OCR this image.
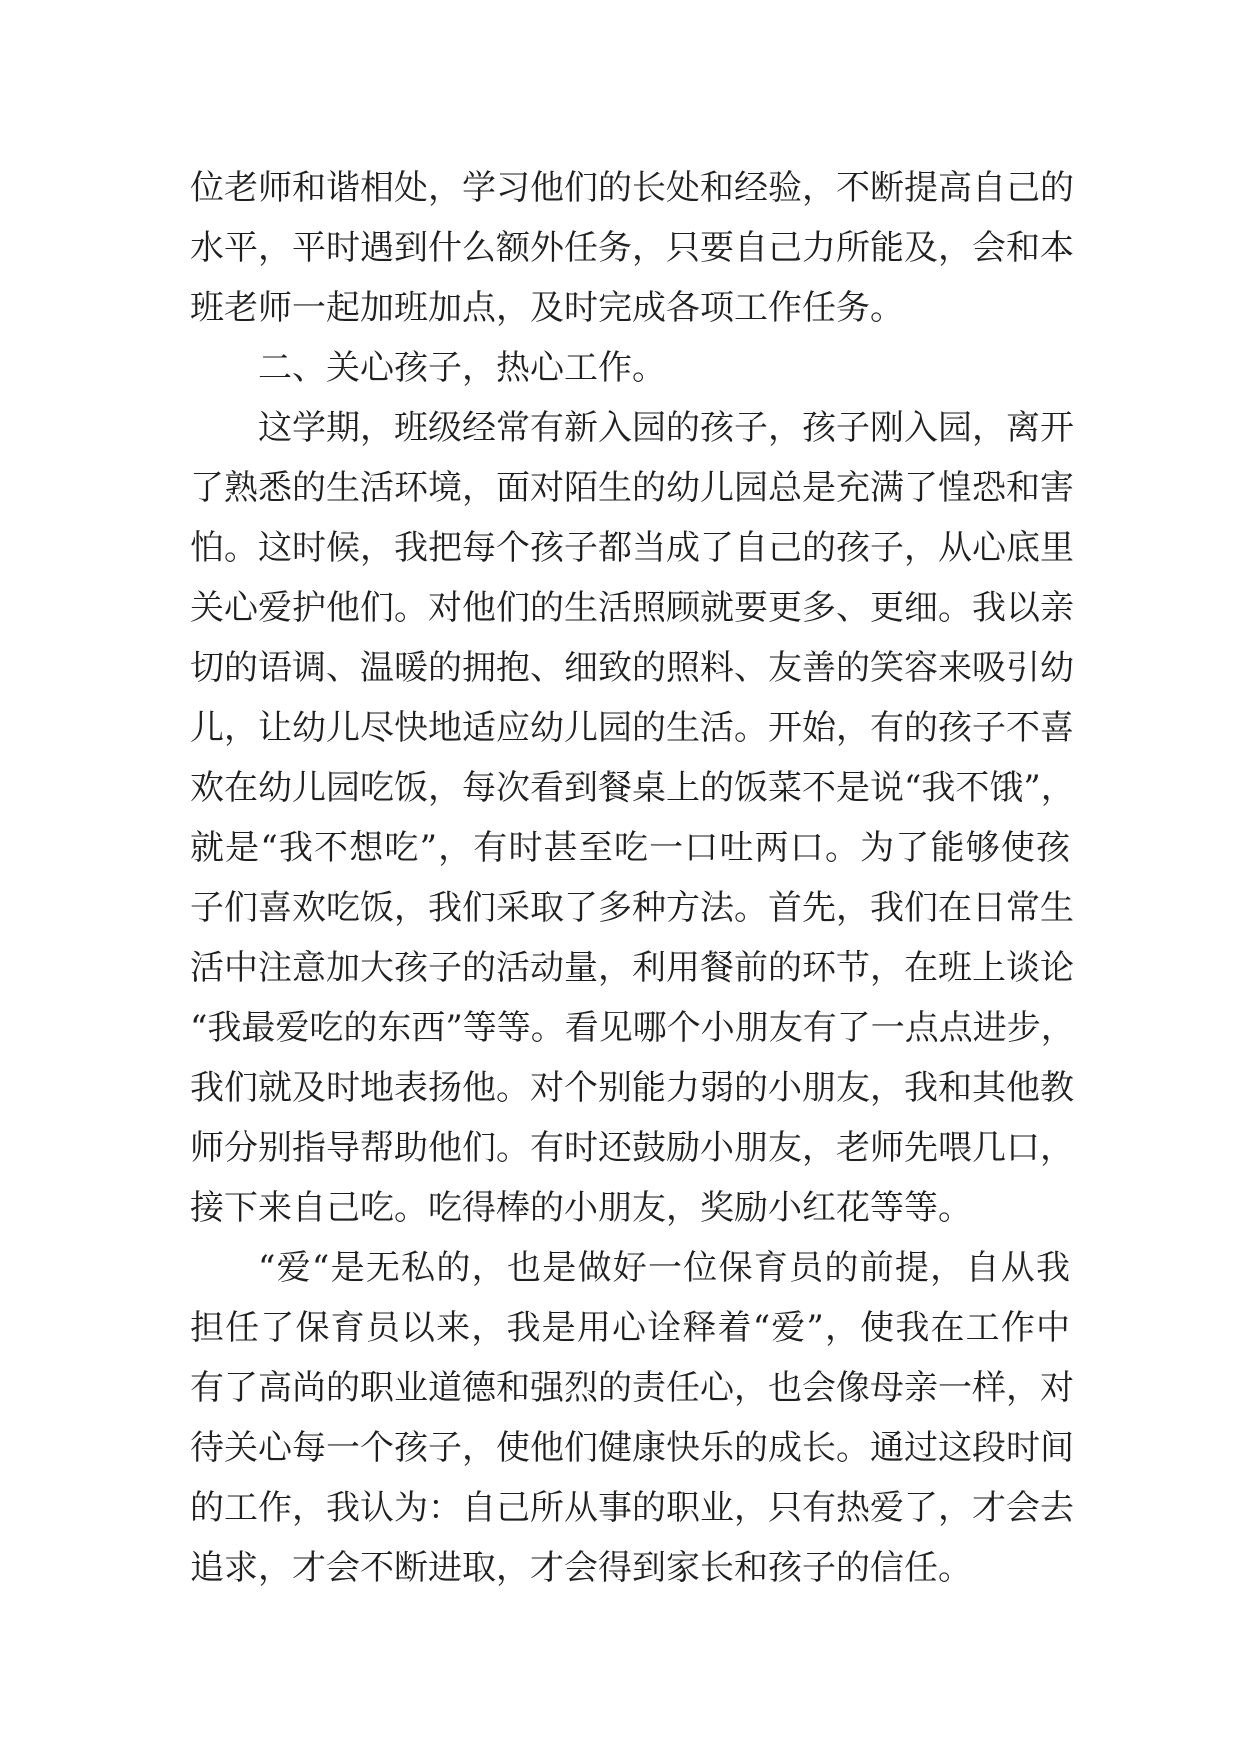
位老师和谐相处，学习他们的长处和经验，不断提高自己的
水平，平时遇到什么额外任务，只要自己力所能及，会和本
班老师一起加班加点，及时完成各项工作任务。
二、关心孩子，热心工作。
这学期，班级经常有新入园的孩子，孩子刚入园，离开
了熟悉的生活环境，面对陌生的幼儿园总是充满了惶恐和害
怕。这时候，我把每个孩子都当成了自己的孩子，从心底里
关心爱护他们。对他们的生活照顾就要更多、更细。我以亲
切的语调、温暖的拥抱、细致的照料、友善的笑容来吸引幼
儿，让幼儿尽快地适应幼儿园的生活。开始，有的孩子不喜
欢在幼儿园吃饭，每次看到餐桌上的饭菜不是说“我不饿”，
就是“我不想吃”，有时甚至吃一口吐两口。为了能够使孩
子们喜欢吃饭，我们采取了多种方法。首先，我们在日常生
活中注意加大孩子的活动量，利用餐前的环节，在班上谈论
“我最爱吃的东西”等等。看见哪个小朋友有了一点点进步，
我们就及时地表扬他。对个别能力弱的小朋友，我和其他教
师分别指导帮助他们。有时还鼓励小朋友，老师先喂几口，
接下来自己吃。吃得棒的小朋友，奖励小红花等等。
“爱“是无私的，也是做好一位保育员的前提，自从我
担任了保育员以来，我是用心诠释着“爱”，使我在工作中
有了高尚的职业道德和强烈的责任心，也会像母亲一样，对
待关心每一个孩子，使他们健康快乐的成长。通过这段时间
的工作，我认为：自己所从事的职业，只有热爱了，才会去
追求，才会不断进取，才会得到家长和孩子的信任。
